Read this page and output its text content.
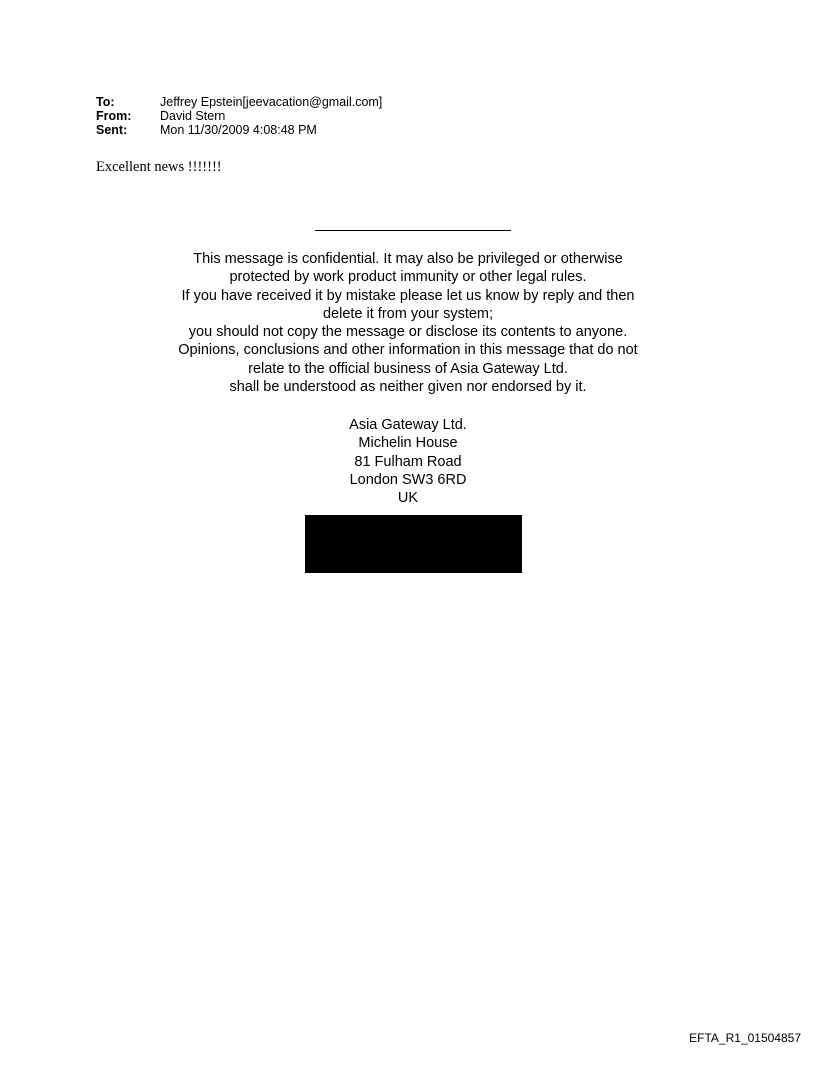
To:	Jeffrey Epstein[jeevacation@gmail.com]
From:	David Stern
Sent:	Mon 11/30/2009 4:08:48 PM
Excellent news !!!!!!!
This message is confidential. It may also be privileged or otherwise
protected by work product immunity or other legal rules.
If you have received it by mistake please let us know by reply and then
delete it from your system;
you should not copy the message or disclose its contents to anyone.
Opinions, conclusions and other information in this message that do not
relate to the official business of Asia Gateway Ltd.
shall be understood as neither given nor endorsed by it.
Asia Gateway Ltd.
Michelin House
81 Fulham Road
London SW3 6RD
UK
EFTA_R1_01504857
